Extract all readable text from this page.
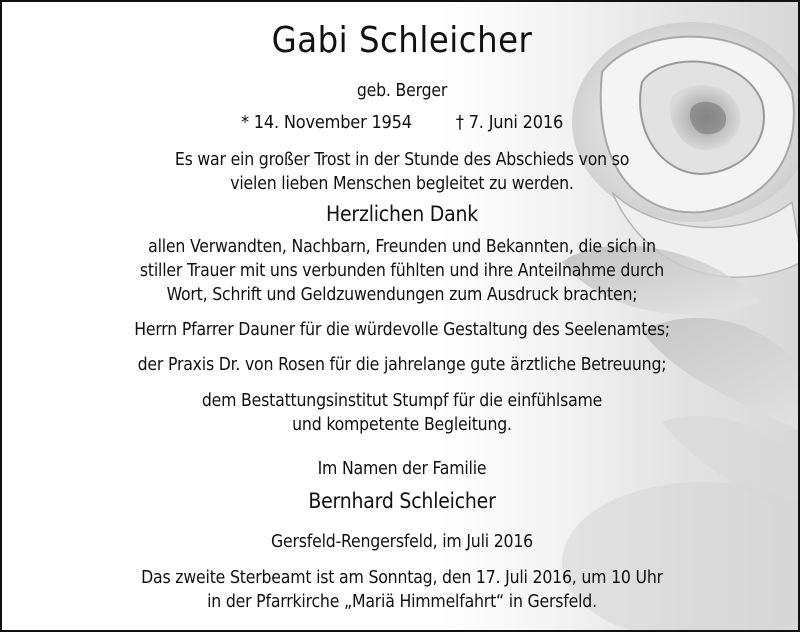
Gabi Schleicher
geb. Berger
* 14. November 1954 † 7. Juni 2016
Es war ein großer Trost in der Stunde des Abschieds von so
vielen lieben Menschen begleitet zu werden.
Herzlichen Dank
allen Verwandten, Nachbarn, Freunden und Bekannten, die sich in
stiller Trauer mit uns verbunden fühlten und ihre Anteilnahme durch
Wort, Schrift und Geldzuwendungen zum Ausdruck brachten;
Herrn Pfarrer Dauner für die würdevolle Gestaltung des Seelenamtes;
der Praxis Dr. von Rosen für die jahrelange gute ärztliche Betreuung;
dem Bestattungsinstitut Stumpf für die einfühlsame
und kompetente Begleitung.
Im Namen der Familie
Bernhard Schleicher
Gersfeld-Rengersfeld, im Juli 2016
Das zweite Sterbeamt ist am Sonntag, den 17. Juli 2016, um 10 Uhr
in der Pfarrkirche „Mariä Himmelfahrt“ in Gersfeld.
